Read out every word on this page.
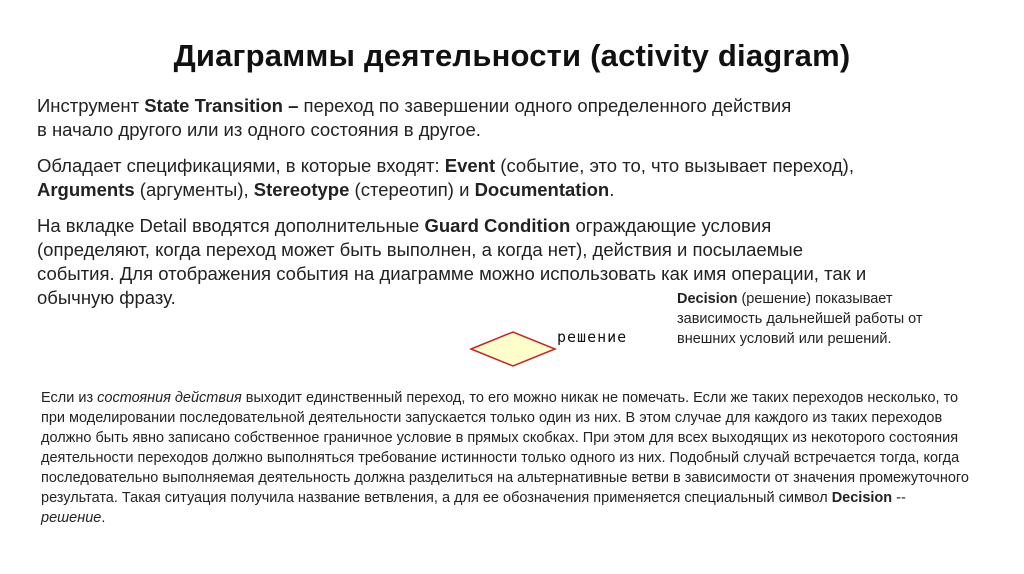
Диаграммы деятельности (activity diagram)
Инструмент State Transition – переход по завершении одного определенного действия в начало другого или из одного состояния в другое.
Обладает спецификациями, в которые входят: Event (событие, это то, что вызывает переход), Arguments (аргументы), Stereotype (стереотип) и Documentation.
На вкладке Detail вводятся дополнительные Guard Condition ограждающие условия (определяют, когда переход может быть выполнен, а когда нет), действия и посылаемые события. Для отображения события на диаграмме можно использовать как имя операции, так и обычную фразу.	Decision (решение) показывает зависимость дальнейшей работы от внешних условий или решений.
решение
Если из состояния действия выходит единственный переход, то его можно никак не помечать. Если же таких переходов несколько, то при моделировании последовательной деятельности запускается только один из них. В этом случае для каждого из таких переходов должно быть явно записано собственное граничное условие в прямых скобках. При этом для всех выходящих из некоторого состояния деятельности переходов должно выполняться требование истинности только одного из них. Подобный случай встречается тогда, когда последовательно выполняемая деятельность должна разделиться на альтернативные ветви в зависимости от значения промежуточного результата. Такая ситуация получила название ветвления, а для ее обозначения применяется специальный символ Decision -- решение.
